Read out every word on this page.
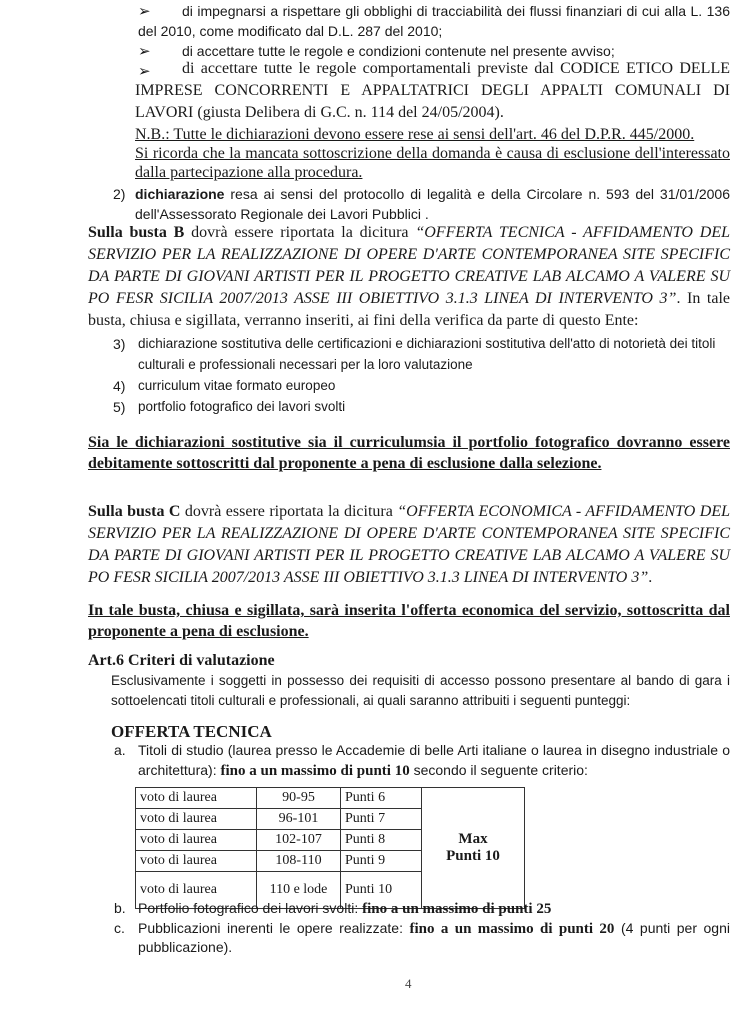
➢ di impegnarsi a rispettare gli obblighi di tracciabilità dei flussi finanziari di cui alla L. 136
del 2010, come modificato dal D.L. 287 del 2010;
➢ di accettare tutte le regole e condizioni contenute nel presente avviso;
➢ di accettare tutte le regole comportamentali previste dal CODICE ETICO DELLE
IMPRESE CONCORRENTI E APPALTATRICI DEGLI APPALTI COMUNALI DI
LAVORI (giusta Delibera di G.C. n. 114 del 24/05/2004).
N.B.: Tutte le dichiarazioni devono essere rese ai sensi dell'art. 46 del D.P.R. 445/2000.
Si ricorda che la mancata sottoscrizione della domanda è causa di esclusione dell'interessato
dalla partecipazione alla procedura.
2) dichiarazione resa ai sensi del protocollo di legalità e della Circolare n. 593 del 31/01/2006
dell'Assessorato Regionale dei Lavori Pubblici .
Sulla busta B dovrà essere riportata la dicitura “OFFERTA TECNICA - AFFIDAMENTO DEL
SERVIZIO PER LA REALIZZAZIONE DI OPERE D'ARTE CONTEMPORANEA SITE SPECIFIC
DA PARTE DI GIOVANI ARTISTI PER IL PROGETTO CREATIVE LAB ALCAMO A VALERE SU
PO FESR SICILIA 2007/2013 ASSE III OBIETTIVO 3.1.3 LINEA DI INTERVENTO 3”. In tale
busta, chiusa e sigillata, verranno inseriti, ai fini della verifica da parte di questo Ente:
3) dichiarazione sostitutiva delle certificazioni e dichiarazioni sostitutiva dell'atto di notorietà dei titoli
culturali e professionali necessari per la loro valutazione
4) curriculum vitae formato europeo
5) portfolio fotografico dei lavori svolti
Sia le dichiarazioni sostitutive sia il curriculumsia il portfolio fotografico dovranno essere
debitamente sottoscritti dal proponente a pena di esclusione dalla selezione.
Sulla busta C dovrà essere riportata la dicitura “OFFERTA ECONOMICA - AFFIDAMENTO DEL
SERVIZIO PER LA REALIZZAZIONE DI OPERE D'ARTE CONTEMPORANEA SITE SPECIFIC
DA PARTE DI GIOVANI ARTISTI PER IL PROGETTO CREATIVE LAB ALCAMO A VALERE SU
PO FESR SICILIA 2007/2013 ASSE III OBIETTIVO 3.1.3 LINEA DI INTERVENTO 3”.
In tale busta, chiusa e sigillata, sarà inserita l'offerta economica del servizio, sottoscritta dal
proponente a pena di esclusione.
Art.6 Criteri di valutazione
Esclusivamente i soggetti in possesso dei requisiti di accesso possono presentare al bando di gara i
sottoelencati titoli culturali e professionali, ai quali saranno attribuiti i seguenti punteggi:
OFFERTA TECNICA
a. Titoli di studio (laurea presso le Accademie di belle Arti italiane o laurea in disegno industriale o
architettura): fino a un massimo di punti 10 secondo il seguente criterio:
voto di laurea	90-95	Punti 6	Max
Punti 10
voto di laurea	96-101	Punti 7	
voto di laurea	102-107	Punti 8	
voto di laurea	108-110	Punti 9	
voto di laurea	110 e lode	Punti 10	
b. Portfolio fotografico dei lavori svolti: fino a un massimo di punti 25
c. Pubblicazioni inerenti le opere realizzate: fino a un massimo di punti 20 (4 punti per ogni
pubblicazione).
4
